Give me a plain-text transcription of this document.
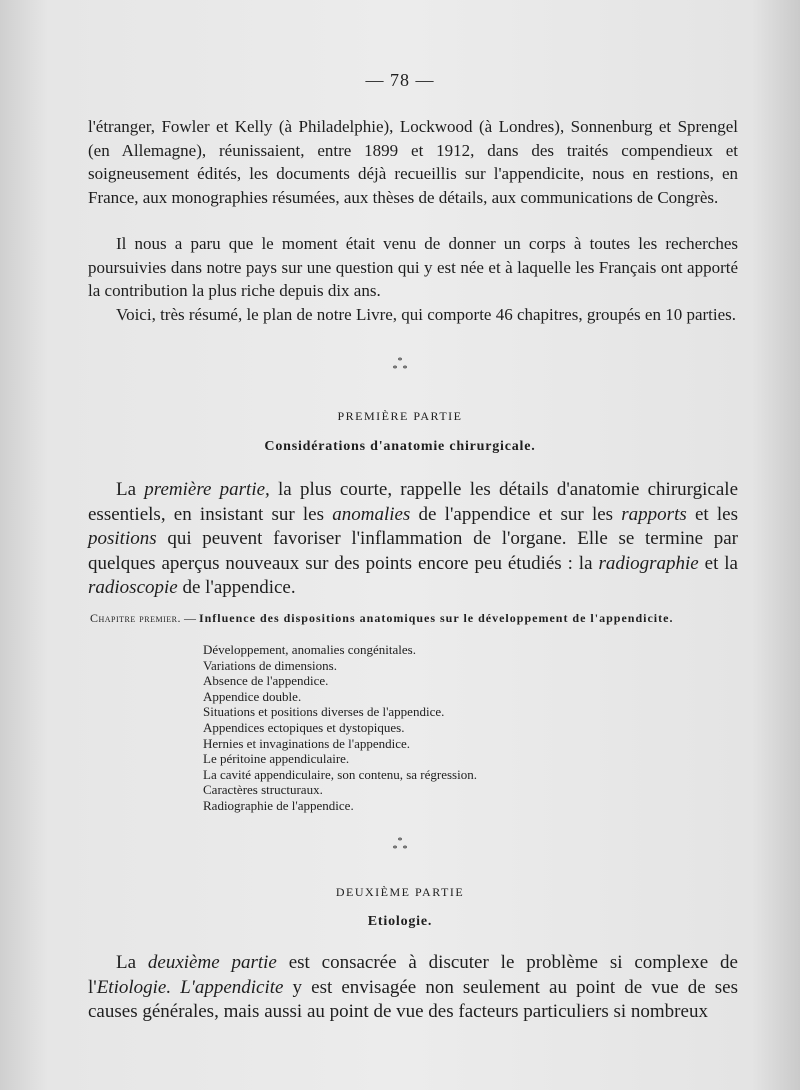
— 78 —

l'étranger, Fowler et Kelly (à Philadelphie), Lockwood (à Londres), Sonnenburg et Sprengel (en Allemagne), réunissaient, entre 1899 et 1912, dans des traités compendieux et soigneusement édités, les documents déjà recueillis sur l'appendicite, nous en restions, en France, aux monographies résumées, aux thèses de détails, aux communications de Congrès.

Il nous a paru que le moment était venu de donner un corps à toutes les recherches poursuivies dans notre pays sur une question qui y est née et à laquelle les Français ont apporté la contribution la plus riche depuis dix ans.

Voici, très résumé, le plan de notre Livre, qui comporte 46 chapitres, groupés en 10 parties.

*
*  *

PREMIÈRE PARTIE

Considérations d'anatomie chirurgicale.

La première partie, la plus courte, rappelle les détails d'anatomie chirurgicale essentiels, en insistant sur les anomalies de l'appendice et sur les rapports et les positions qui peuvent favoriser l'inflammation de l'organe. Elle se termine par quelques aperçus nouveaux sur des points encore peu étudiés : la radiographie et la radioscopie de l'appendice.

Chapitre premier. — Influence des dispositions anatomiques sur le développement de l'appendicite.

Développement, anomalies congénitales.
Variations de dimensions.
Absence de l'appendice.
Appendice double.
Situations et positions diverses de l'appendice.
Appendices ectopiques et dystopiques.
Hernies et invaginations de l'appendice.
Le péritoine appendiculaire.
La cavité appendiculaire, son contenu, sa régression.
Caractères structuraux.
Radiographie de l'appendice.
*
*  *

DEUXIÈME PARTIE

Etiologie.

La deuxième partie est consacrée à discuter le problème si complexe de l'Etiologie. L'appendicite y est envisagée non seulement au point de vue de ses causes générales, mais aussi au point de vue des facteurs particuliers si nombreux
